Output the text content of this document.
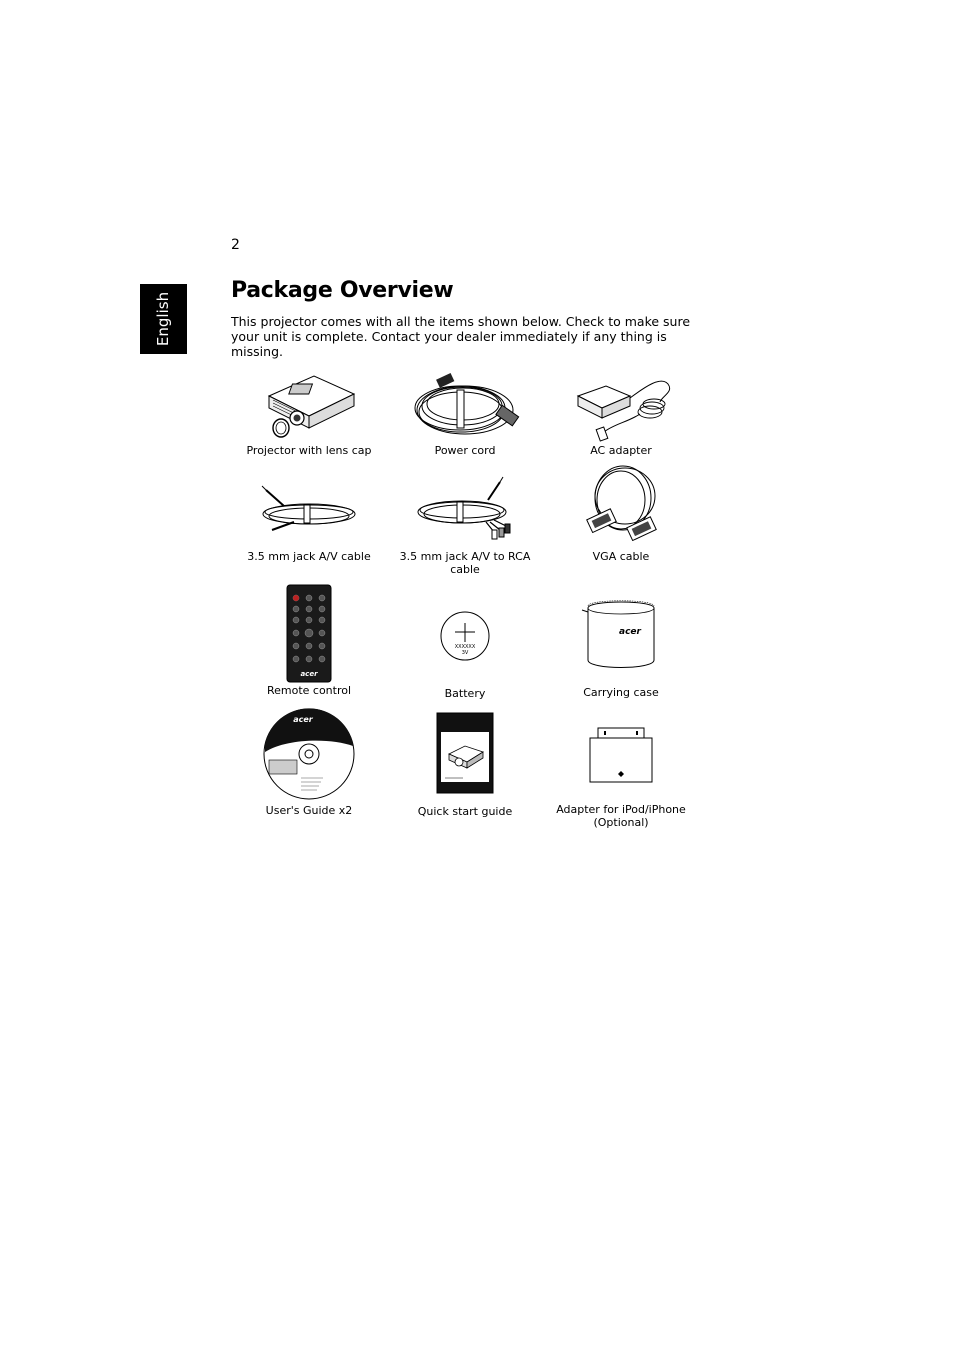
2
English
Package Overview

This projector comes with all the items shown below. Check to make sure your unit is complete. Contact your dealer immediately if any thing is missing.

Projector with lens cap	Power cord	AC adapter
3.5 mm jack A/V cable	3.5 mm jack A/V to RCA cable
VGA cable
acer
Remote control
XXXXXX
3V
Battery
acer
Carrying case
acer
User's Guide x2	Quick start guide	Adapter for iPod/iPhone (Optional)
